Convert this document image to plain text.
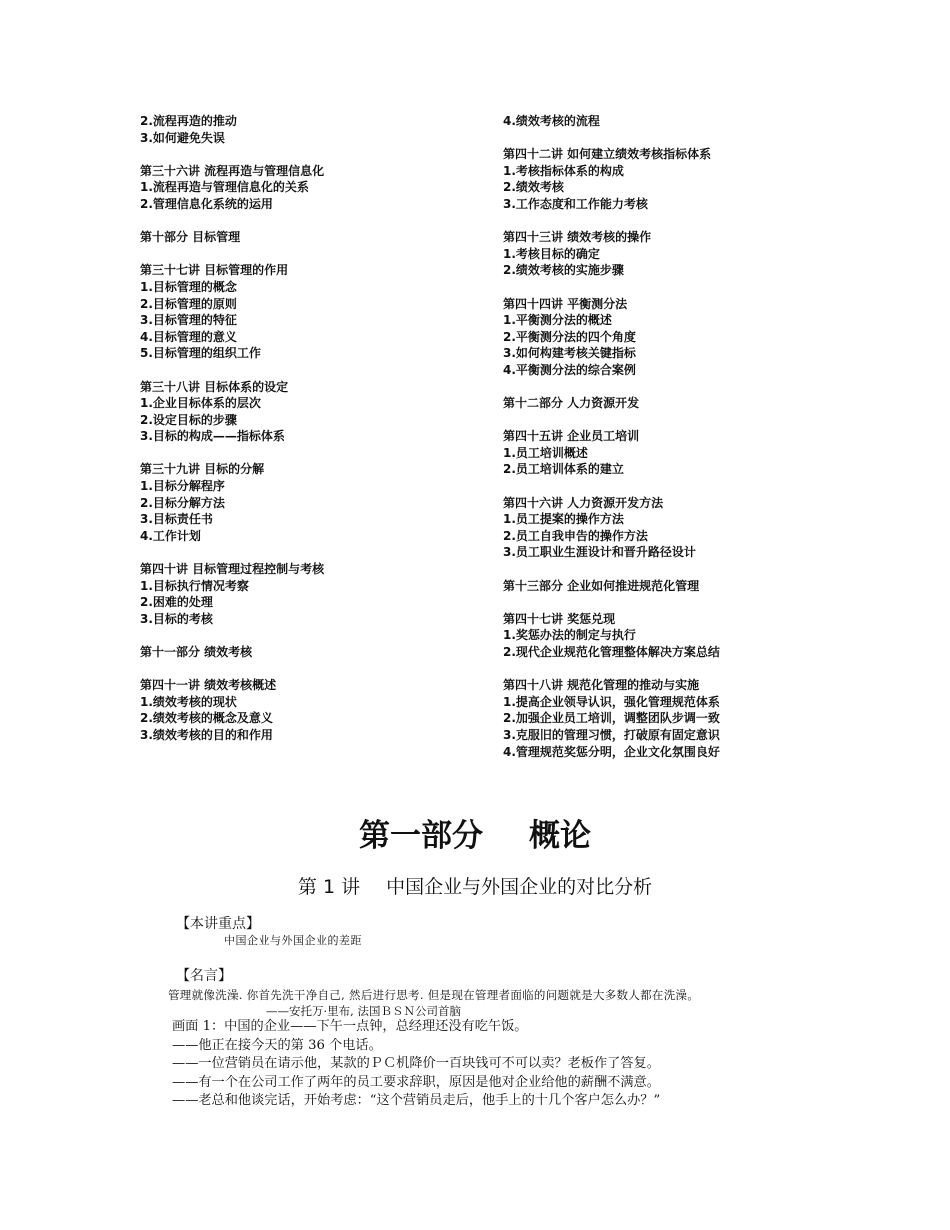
2.流程再造的推动
3.如何避免失误
第三十六讲 流程再造与管理信息化
1.流程再造与管理信息化的关系
2.管理信息化系统的运用
第十部分 目标管理
第三十七讲 目标管理的作用
1.目标管理的概念
2.目标管理的原则
3.目标管理的特征
4.目标管理的意义
5.目标管理的组织工作
第三十八讲 目标体系的设定
1.企业目标体系的层次
2.设定目标的步骤
3.目标的构成——指标体系
第三十九讲 目标的分解
1.目标分解程序
2.目标分解方法
3.目标责任书
4.工作计划
第四十讲 目标管理过程控制与考核
1.目标执行情况考察
2.困难的处理
3.目标的考核
第十一部分 绩效考核
第四十一讲 绩效考核概述
1.绩效考核的现状
2.绩效考核的概念及意义
3.绩效考核的目的和作用
4.绩效考核的流程
第四十二讲 如何建立绩效考核指标体系
1.考核指标体系的构成
2.绩效考核
3.工作态度和工作能力考核
第四十三讲 绩效考核的操作
1.考核目标的确定
2.绩效考核的实施步骤
第四十四讲 平衡测分法
1.平衡测分法的概述
2.平衡测分法的四个角度
3.如何构建考核关键指标
4.平衡测分法的综合案例
第十二部分 人力资源开发
第四十五讲 企业员工培训
1.员工培训概述
2.员工培训体系的建立
第四十六讲 人力资源开发方法
1.员工提案的操作方法
2.员工自我申告的操作方法
3.员工职业生涯设计和晋升路径设计
第十三部分 企业如何推进规范化管理
第四十七讲 奖惩兑现
1.奖惩办法的制定与执行
2.现代企业规范化管理整体解决方案总结
第四十八讲 规范化管理的推动与实施
1.提高企业领导认识，强化管理规范体系
2.加强企业员工培训，调整团队步调一致
3.克服旧的管理习惯，打破原有固定意识
4.管理规范奖惩分明，企业文化氛围良好
第一部分 概论
第 1 讲 中国企业与外国企业的对比分析
【本讲重点】
中国企业与外国企业的差距
【名言】
管理就像洗澡. 你首先洗干净自己, 然后进行思考. 但是现在管理者面临的问题就是大多数人都在洗澡。
——安托万·里布, 法国ＢＳＮ公司首脑
画面 1：中国的企业——下午一点钟，总经理还没有吃午饭。
——他正在接今天的第 36 个电话。
——一位营销员在请示他，某款的ＰＣ机降价一百块钱可不可以卖？老板作了答复。
——有一个在公司工作了两年的员工要求辞职，原因是他对企业给他的薪酬不满意。
——老总和他谈完话，开始考虑：“这个营销员走后，他手上的十几个客户怎么办？”
